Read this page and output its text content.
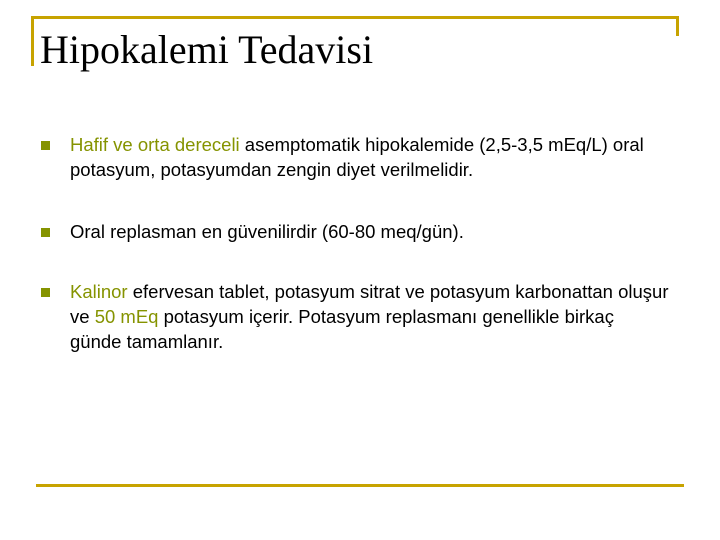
Hipokalemi Tedavisi
Hafif ve orta dereceli asemptomatik hipokalemide (2,5-3,5 mEq/L) oral potasyum, potasyumdan zengin diyet verilmelidir.
Oral replasman en güvenilirdir (60-80 meq/gün).
Kalinor efervesan tablet, potasyum sitrat ve potasyum karbonattan oluşur ve 50 mEq potasyum içerir. Potasyum replasmanı genellikle birkaç günde tamamlanır.
